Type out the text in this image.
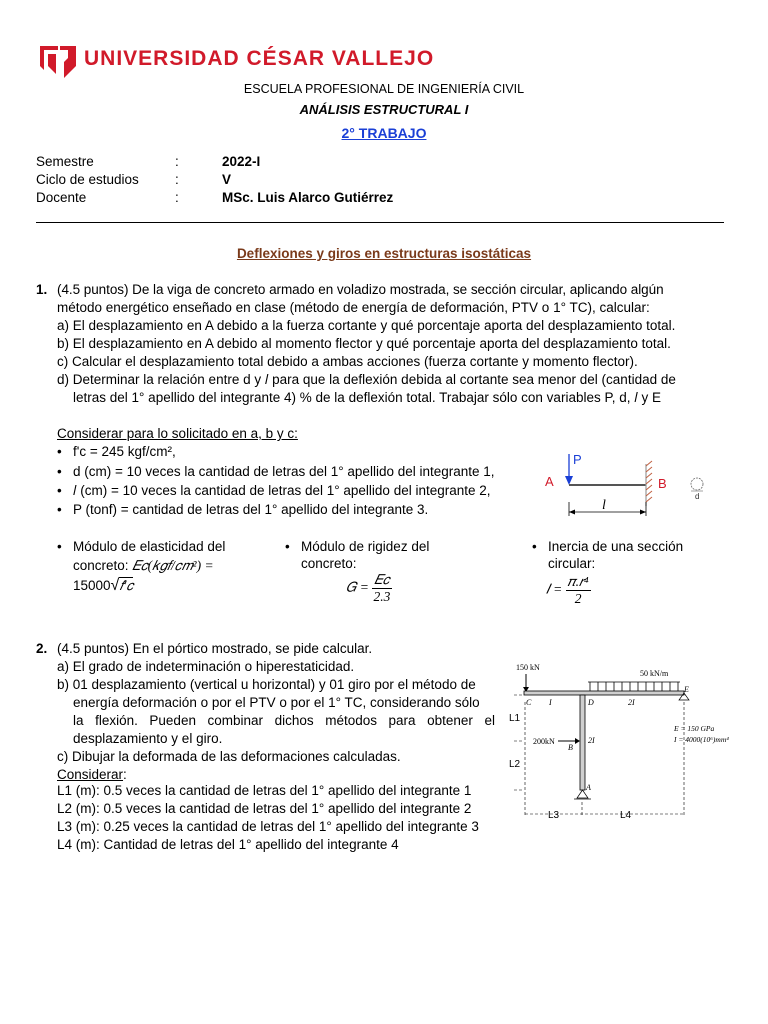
UNIVERSIDAD CÉSAR VALLEJO
ESCUELA PROFESIONAL DE INGENIERÍA CIVIL
ANÁLISIS ESTRUCTURAL I
2° TRABAJO
Semestre	:	2022-I
Ciclo de estudios	:	V
Docente	:	MSc. Luis Alarco Gutiérrez
Deflexiones y giros en estructuras isostáticas
1. (4.5 puntos) De la viga de concreto armado en voladizo mostrada, se sección circular, aplicando algún
método energético enseñado en clase (método de energía de deformación, PTV o 1° TC), calcular:
a) El desplazamiento en A debido a la fuerza cortante y qué porcentaje aporta del desplazamiento total.
b) El desplazamiento en A debido al momento flector y qué porcentaje aporta del desplazamiento total.
c) Calcular el desplazamiento total debido a ambas acciones (fuerza cortante y momento flector).
d) Determinar la relación entre d y 𝑙 para que la deflexión debida al cortante sea menor del (cantidad de
letras del 1° apellido del integrante 4) % de la deflexión total. Trabajar sólo con variables P, d, 𝑙 y E
Considerar para lo solicitado en a, b y c:
• f'c = 245 kgf/cm²,
• d (cm) = 10 veces la cantidad de letras del 1° apellido del integrante 1,
• 𝑙 (cm) = 10 veces la cantidad de letras del 1° apellido del integrante 2,
• P (tonf) = cantidad de letras del 1° apellido del integrante 3.
P
A	B
l
d
• Módulo de elasticidad del
concreto: 𝐸𝑐(𝑘𝑔𝑓/𝑐𝑚²) =
15000√𝑓′𝑐
• Módulo de rigidez del
concreto:
𝐺 = $\frac{\text{𝐸𝑐}}{2.3}$
• Inercia de una sección
circular:
𝐼 = $\frac{\text{𝜋.𝑟⁴}}{2}$
2. (4.5 puntos) En el pórtico mostrado, se pide calcular.
a) El grado de indeterminación o hiperestaticidad.
b) 01 desplazamiento (vertical u horizontal) y 01 giro por el método de
energía deformación o por el PTV o por el 1° TC, considerando sólo
la flexión. Pueden combinar dichos métodos para obtener el
desplazamiento y el giro.
c) Dibujar la deformada de las deformaciones calculadas.
Considerar:
L1 (m): 0.5 veces la cantidad de letras del 1° apellido del integrante 1
L2 (m): 0.5 veces la cantidad de letras del 1° apellido del integrante 2
L3 (m): 0.25 veces la cantidad de letras del 1° apellido del integrante 3
L4 (m): Cantidad de letras del 1° apellido del integrante 4
150 kN
50 kN/m
C I	D	2I
E
2I
B
A
200kN
L1
L2
L3	L4
E = 150 GPa
I = 4000(10⁶)mm⁴
